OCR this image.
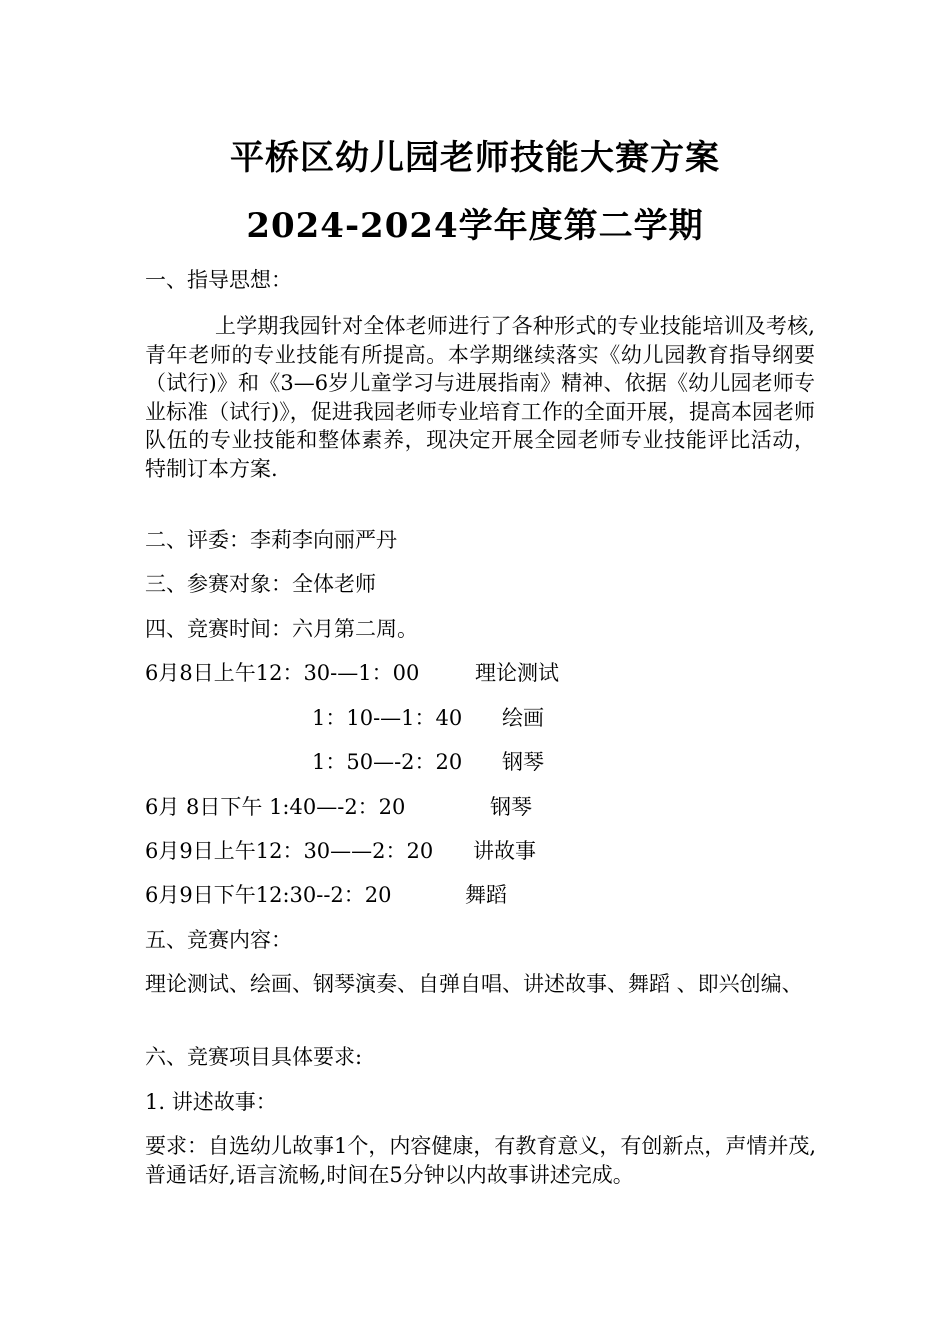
平桥区幼儿园老师技能大赛方案
2024-2024学年度第二学期
一、指导思想：
上学期我园针对全体老师进行了各种形式的专业技能培训及考核,青年老师的专业技能有所提高。本学期继续落实《幼儿园教育指导纲要（试行)》和《3—6岁儿童学习与进展指南》精神、依据《幼儿园老师专业标准（试行)》，促进我园老师专业培育工作的全面开展，提高本园老师队伍的专业技能和整体素养，现决定开展全园老师专业技能评比活动，特制订本方案.
二、评委：李莉李向丽严丹
三、参赛对象：全体老师
四、竞赛时间：六月第二周。
6月8日上午12：30-—1：00	理论测试
1：10-—1：40 绘画
1：50—-2：20 钢琴
6月 8日下午 1:40—-2：20	钢琴
6月9日上午12：30——2：20 讲故事
6月9日下午12:30--2：20	舞蹈
五、竞赛内容：
理论测试、绘画、钢琴演奏、自弹自唱、讲述故事、舞蹈 、即兴创编、
六、竞赛项目具体要求:
1. 讲述故事：
要求：自选幼儿故事1个，内容健康，有教育意义，有创新点，声情并茂,普通话好,语言流畅,时间在5分钟以内故事讲述完成。
